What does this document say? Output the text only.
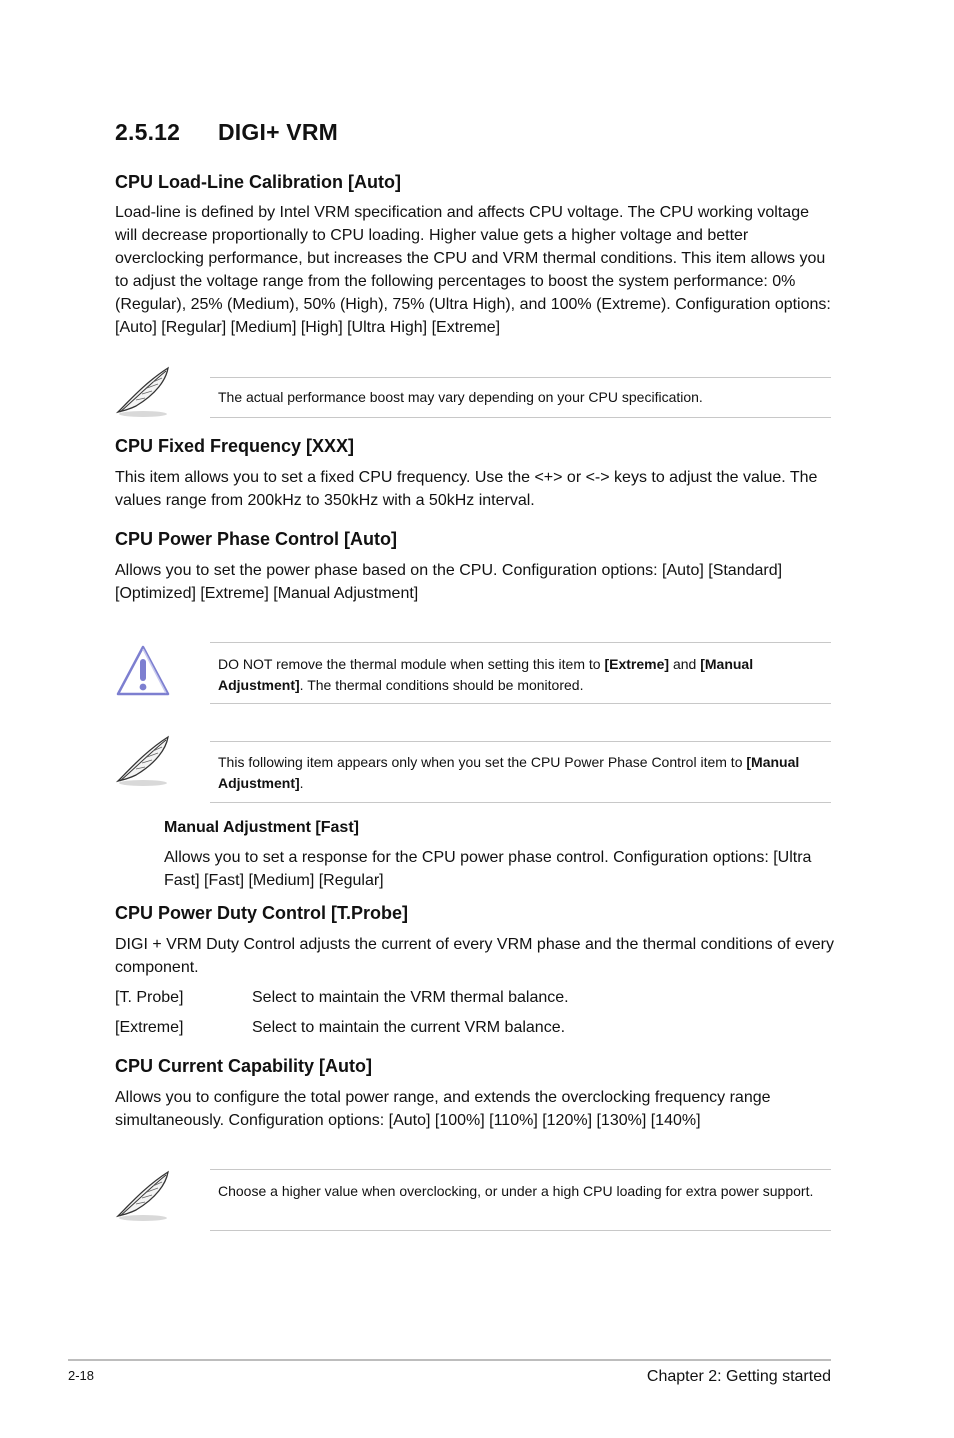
2.5.12 DIGI+ VRM
CPU Load-Line Calibration [Auto]
Load-line is defined by Intel VRM specification and affects CPU voltage. The CPU working voltage will decrease proportionally to CPU loading. Higher value gets a higher voltage and better overclocking performance, but increases the CPU and VRM thermal conditions. This item allows you to adjust the voltage range from the following percentages to boost the system performance: 0% (Regular), 25% (Medium), 50% (High), 75% (Ultra High), and 100% (Extreme). Configuration options: [Auto] [Regular] [Medium] [High] [Ultra High] [Extreme]
The actual performance boost may vary depending on your CPU specification.
CPU Fixed Frequency [XXX]
This item allows you to set a fixed CPU frequency. Use the <+> or <-> keys to adjust the value. The values range from 200kHz to 350kHz with a 50kHz interval.
CPU Power Phase Control [Auto]
Allows you to set the power phase based on the CPU. Configuration options: [Auto] [Standard] [Optimized] [Extreme] [Manual Adjustment]
DO NOT remove the thermal module when setting this item to [Extreme] and [Manual Adjustment]. The thermal conditions should be monitored.
This following item appears only when you set the CPU Power Phase Control item to [Manual Adjustment].
Manual Adjustment [Fast]
Allows you to set a response for the CPU power phase control. Configuration options: [Ultra Fast] [Fast] [Medium] [Regular]
CPU Power Duty Control [T.Probe]
DIGI + VRM Duty Control adjusts the current of every VRM phase and the thermal conditions of every component.
[T. Probe]	Select to maintain the VRM thermal balance.
[Extreme]	Select to maintain the current VRM balance.
CPU Current Capability [Auto]
Allows you to configure the total power range, and extends the overclocking frequency range simultaneously. Configuration options: [Auto] [100%] [110%] [120%] [130%] [140%]
Choose a higher value when overclocking, or under a high CPU loading for extra power support.
2-18	Chapter 2: Getting started
